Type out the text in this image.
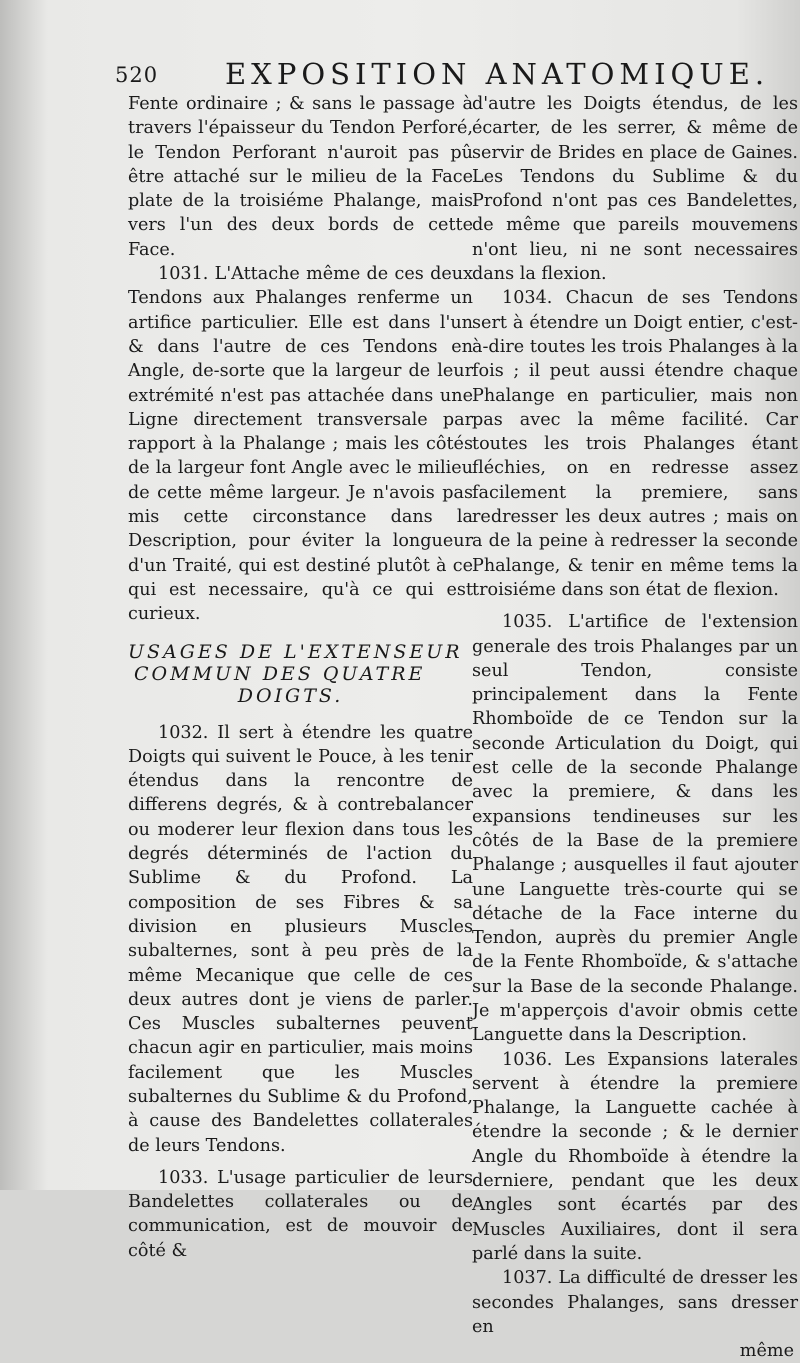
520 EXPOSITION ANATOMIQUE.

Fente ordinaire ; & sans le passage à travers l'épaisseur du Tendon Perforé, le Tendon Perforant n'auroit pas pû être attaché sur le milieu de la Face plate de la troisiéme Phalange, mais vers l'un des deux bords de cette Face.

1031. L'Attache même de ces deux Tendons aux Phalanges renferme un artifice particulier. Elle est dans l'un & dans l'autre de ces Tendons en Angle, de-sorte que la largeur de leur extrémité n'est pas attachée dans une Ligne directement transversale par rapport à la Phalange ; mais les côtés de la largeur font Angle avec le milieu de cette même largeur. Je n'avois pas mis cette circonstance dans la Description, pour éviter la longueur d'un Traité, qui est destiné plutôt à ce qui est necessaire, qu'à ce qui est curieux.

USAGES DE L'EXTENSEUR
COMMUN DES QUATRE
DOIGTS.

1032. Il sert à étendre les quatre Doigts qui suivent le Pouce, à les tenir étendus dans la rencontre de differens degrés, & à contrebalancer ou moderer leur flexion dans tous les degrés déterminés de l'action du Sublime & du Profond. La composition de ses Fibres & sa division en plusieurs Muscles subalternes, sont à peu près de la même Mecanique que celle de ces deux autres dont je viens de parler. Ces Muscles subalternes peuvent chacun agir en particulier, mais moins facilement que les Muscles subalternes du Sublime & du Profond, à cause des Bandelettes collaterales de leurs Tendons.

1033. L'usage particulier de leurs Bandelettes collaterales ou de communication, est de mouvoir de côté &

d'autre les Doigts étendus, de les écarter, de les serrer, & même de servir de Brides en place de Gaines. Les Tendons du Sublime & du Profond n'ont pas ces Bandelettes, de même que pareils mouvemens n'ont lieu, ni ne sont necessaires dans la flexion.

1034. Chacun de ses Tendons sert à étendre un Doigt entier, c'est-à-dire toutes les trois Phalanges à la fois ; il peut aussi étendre chaque Phalange en particulier, mais non pas avec la même facilité. Car toutes les trois Phalanges étant fléchies, on en redresse assez facilement la premiere, sans redresser les deux autres ; mais on a de la peine à redresser la seconde Phalange, & tenir en même tems la troisiéme dans son état de flexion.

1035. L'artifice de l'extension generale des trois Phalanges par un seul Tendon, consiste principalement dans la Fente Rhomboïde de ce Tendon sur la seconde Articulation du Doigt, qui est celle de la seconde Phalange avec la premiere, & dans les expansions tendineuses sur les côtés de la Base de la premiere Phalange ; ausquelles il faut ajouter une Languette très-courte qui se détache de la Face interne du Tendon, auprès du premier Angle de la Fente Rhomboïde, & s'attache sur la Base de la seconde Phalange. Je m'apperçois d'avoir obmis cette Languette dans la Description.

1036. Les Expansions laterales servent à étendre la premiere Phalange, la Languette cachée à étendre la seconde ; & le dernier Angle du Rhomboïde à étendre la derniere, pendant que les deux Angles sont écartés par des Muscles Auxiliaires, dont il sera parlé dans la suite.

1037. La difficulté de dresser les secondes Phalanges, sans dresser en

même
